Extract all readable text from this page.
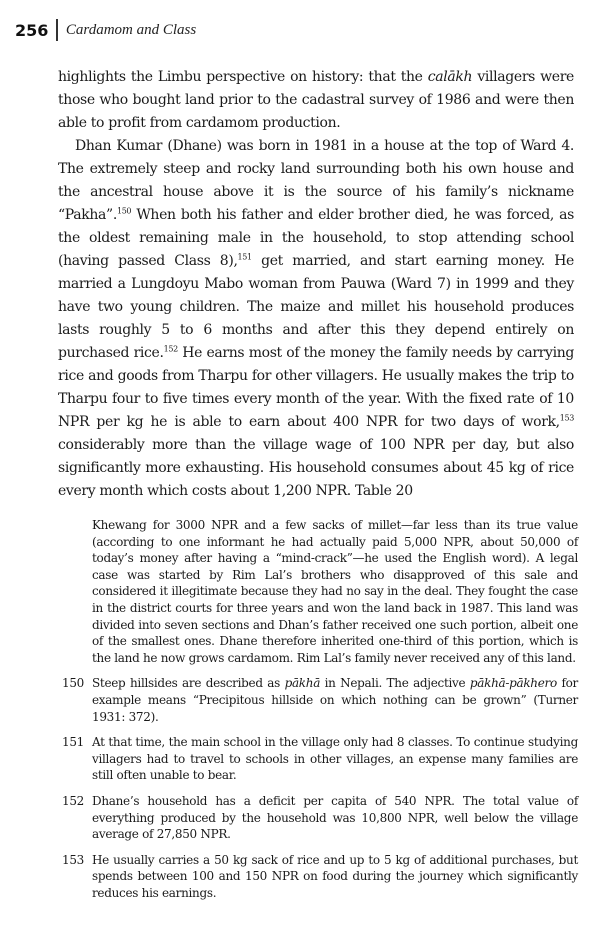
256 Cardamom and Class

highlights the Limbu perspective on history: that the calākh villagers were those who bought land prior to the cadastral survey of 1986 and were then able to profit from cardamom production.

Dhan Kumar (Dhane) was born in 1981 in a house at the top of Ward 4. The extremely steep and rocky land surrounding both his own house and the ancestral house above it is the source of his family’s nickname “Pakha”.$^{150}$ When both his father and elder brother died, he was forced, as the oldest remaining male in the household, to stop attending school (having passed Class 8),$^{151}$ get married, and start earning money. He married a Lungdoyu Mabo woman from Pauwa (Ward 7) in 1999 and they have two young children. The maize and millet his household produces lasts roughly 5 to 6 months and after this they depend entirely on purchased rice.$^{152}$ He earns most of the money the family needs by carrying rice and goods from Tharpu for other villagers. He usually makes the trip to Tharpu four to five times every month of the year. With the fixed rate of 10 NPR per kg he is able to earn about 400 NPR for two days of work,$^{153}$ considerably more than the village wage of 100 NPR per day, but also significantly more exhausting. His household consumes about 45 kg of rice every month which costs about 1,200 NPR. Table 20

Khewang for 3000 NPR and a few sacks of millet—far less than its true value (according to one informant he had actually paid 5,000 NPR, about 50,000 of today’s money after having a “mind-crack”—he used the English word). A legal case was started by Rim Lal’s brothers who disapproved of this sale and considered it illegitimate because they had no say in the deal. They fought the case in the district courts for three years and won the land back in 1987. This land was divided into seven sections and Dhan’s father received one such portion, albeit one of the smallest ones. Dhane therefore inherited one-third of this portion, which is the land he now grows cardamom. Rim Lal’s family never received any of this land.
150 Steep hillsides are described as pākhā in Nepali. The adjective pākhā-pākhero for example means “Precipitous hillside on which nothing can be grown” (Turner 1931: 372).
151 At that time, the main school in the village only had 8 classes. To continue studying villagers had to travel to schools in other villages, an expense many families are still often unable to bear.
152 Dhane’s household has a deficit per capita of 540 NPR. The total value of everything produced by the household was 10,800 NPR, well below the village average of 27,850 NPR.
153 He usually carries a 50 kg sack of rice and up to 5 kg of additional purchases, but spends between 100 and 150 NPR on food during the journey which significantly reduces his earnings.
